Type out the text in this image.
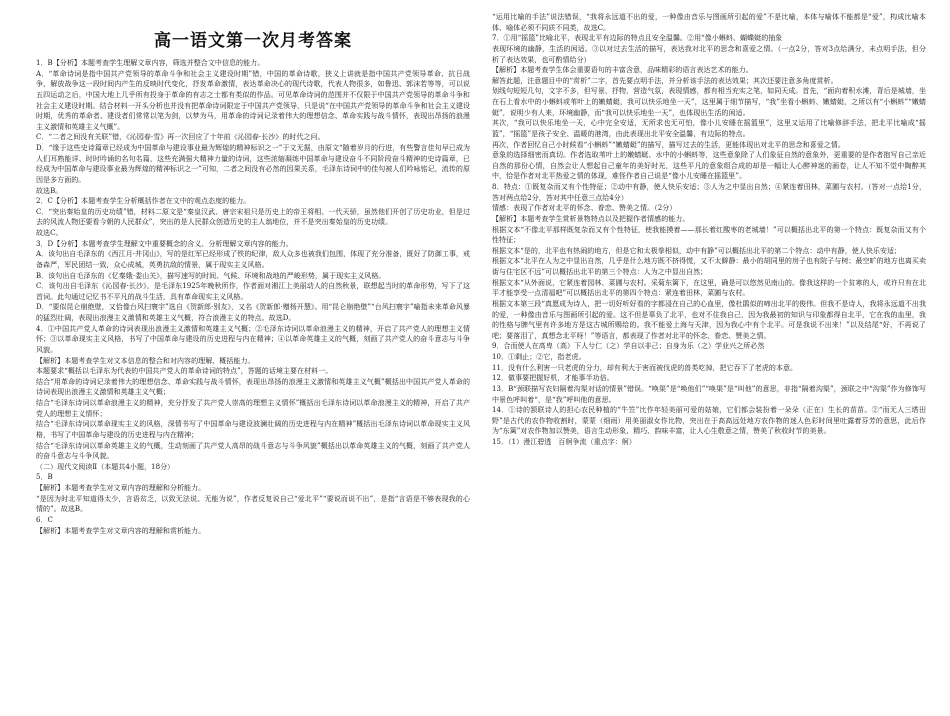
高一语文第一次月考答案

1．B【分析】本题考查学生理解文章内容，筛选并整合文中信息的能力。

A．“革命诗词是指中国共产党领导的革命斗争和社会主义建设时期”错，中国的革命诗歌，狭义上讲就是指中国共产党领导革命、抗日战争、解放战争这一段时间内产生的反映时代变化，抒发革命激情，表达革命决心的现代诗歌，代表人物很多，如鲁迅、郭沫若等等，可以说五四运动之后，中国大地上几乎所有投身于革命的有志之士都有类似的作品。可见革命诗词的范围并不仅限于中国共产党领导的革命斗争和社会主义建设时期。结合材料一开头分析也并没有把革命诗词限定于中国共产党领导，只是说“在中国共产党领导的革命斗争和社会主义建设时期，优秀的革命者、建设者们常常以笔为剑，以梦为马，用革命的诗词记录着伟大的理想信念、革命实践与战斗情怀，表现出昂扬的浪漫主义激情和英雄主义气概”。

C．“二者之间没有关联”错，《沁园春·雪》再一次回应了十年前《沁园春·长沙》的时代之问。

D．“缘于这些史诗篇章已经成为中国革命与建设事业最为辉煌的精神标识之一”于文无据，由原文“随着岁月的行进，有些警言佳句早已成为人们耳熟能详、时时吟诵的名句名篇，这些充满强大精神力量的诗词，这些浓缩凝练中国革命与建设奋斗不同阶段奋斗精神的史诗篇章，已经成为中国革命与建设事业最为辉煌的精神标识之一”可知，二者之间没有必然的因果关系，毛泽东诗词中的佳句被人们吟咏铭记，流传的原因是多方面的。

故选B。

2．C【分析】本题考查学生分析概括作者在文中的观点态度的能力。

C．“突出秦始皇的历史功绩”错，材料二原文是“秦皇汉武、唐宗宋祖只是历史上的帝王将相、一代天骄，虽然他们开创了历史功业，但是过去的风流人物还要看今朝的人民群众”，突出的是人民群众创造历史的主人翁地位，并不是突出秦始皇的历史功绩。

故选C。

3．D【分析】本题考查学生理解文中重要概念的含义、分析理解文章内容的能力。

A．该句出自毛泽东的《西江月·井冈山》，写的是红军已经形成了铁的纪律，敌人众多也被我们包围，体现了充分准备，既好了防御工事，戒备森严，军民团结一致，众心成城，英勇抗敌的情景，属于现实主义风格。

B．该句出自毛泽东的《忆秦娥·娄山关》，描写速写的时间、气候、环境和战地的严峻形势，属于现实主义风格。

C．该句出自毛泽东《沁园春·长沙》，是毛泽东1925年晚秋所作，作者面对湘江上美丽动人的自然秋景，联想起当时的革命形势，写下了这首词。此句通过记忆书不平凡的战斗生活，具有革命现实主义风格。

D．“要似昆仑崩绝壁，又恰像台风扫寰宇”选自《贺新郎·别友》，又名《贺新郎·赠杨开慧》。用“昆仑崩绝壁”“台风扫寰宇”喻指未来革命风暴的猛烈壮阔，表现出浪漫主义激情和英雄主义气概，符合浪漫主义的特点。故选D。

4．①中国共产党人革命的诗词表现出浪漫主义激情和英雄主义气概；②毛泽东诗词以革命浪漫主义的精神，开启了共产党人的理想主义情怀；③以革命现实主义风格，书写了中国革命与建设的历史进程与内在精神；④以革命英雄主义的气概，刻画了共产党人的奋斗意志与斗争风貌。

【解析】本题考查学生对文本信息的整合和对内容的理解、概括能力。

本题要求“概括以毛泽东为代表的中国共产党人的革命诗词的特点”，答题的话境主要在材料一。

结合“用革命的诗词记录着伟大的理想信念、革命实践与战斗情怀，表现出昂扬的浪漫主义激情和英雄主义气概”概括出中国共产党人革命的诗词表现出浪漫主义激情和英雄主义气概；

结合“毛泽东诗词以革命浪漫主义的精神，充分抒发了共产党人崇高的理想主义情怀”概括出毛泽东诗词以革命浪漫主义的精神，开启了共产党人的理想主义情怀；

结合“毛泽东诗词以革命现实主义的风格，深情书写了中国革命与建设波澜壮阔的历史进程与内在精神”概括出毛泽东诗词以革命现实主义风格，书写了中国革命与建设的历史进程与内在精神；

结合“毛泽东诗词以革命英雄主义的气概，生动刻画了共产党人高昂的战斗意志与斗争风貌”概括出以革命英雄主义的气概，刻画了共产党人的奋斗意志与斗争风貌。

（二）现代文阅读Ⅱ（本题共4小题，18分）

5．B

【解析】本题考查学生对文章内容的理解和分析能力。

“是因为时北平知道得太少，言语贫乏，以致无法说、无能为说”，作者反复说自己“爱北平”“要说而说不出”，是指“言语是不够表现我的心情的”。故选B。

6．C

【解析】本题考查学生对文章内容的理解和赏析能力。

“运用比喻的手法”说法错误，“我将永远道不出的爱，一种像由音乐与图画所引起的爱”不是比喻，本体与喻体不能都是“爱”，构成比喻本体、喻体必须不同质不同类，故选C。

7．①用“摇篮”比喻北平，表现北平有边际的特点且安全温馨。②用“像小蝌蚪、蝴蝶蜓的抽象

表现环境的幽静，生活的闲适。③以对过去生活的描写，表达我对北平的思念和喜爱之情。（一点2分，答对3点给满分，未点明手法，但分析了表达效果，也可酌情给分）

【解析】本题考查学生体会重要语句的丰富含意，品味精彩的语言表达艺术的能力。

解答此题，注意题目中的“赏析”二字，首先要点明手法，并分析该手法的表达效果；其次还要注意多角度赏析。

划线句短短几句，文字不多，但写景、抒物，营造气氛，表现情感，都有相当充实之笔，如同天成。首先，“面向着积水滩，背后是城墙，坐在石上看水中的小蝌蚪或苇叶上的嫩蜻蜓，我可以快乐地坐一天”，这里属于细节描写，“我”坐看小蝌蚪、嫩蜻蜓，之所以有“小蝌蚪”“嫩蜻蜓”，说明少有人来，环境幽静，而“我可以快乐地坐一天”，也体现出生活的闲适。

其次，“我可以快乐地坐一天，心中完全安适，无所求也无可怕，像小儿安睡在摇篮里”，这里又运用了比喻修辞手法，把北平比喻成“摇篮”，“摇篮”是孩子安全、温暖的港湾，由此表现出北平安全温馨，有边际的特点。

再次，作者回忆自己小时候看“小蝌蚪”“嫩蜻蜓”的描写，描写过去的生活，更能体现出对北平的思念和喜爱之情。

意象的选择细密而真切。作者选取苇叶上的嫩蜻蜓、水中的小蝌蚪等，这些意象除了人们象征自然的意象外，更重要的是作者抱写自己亲近自然的那份心情，自然会让人想起自己童年的美好时光，这些平凡的意象组合成的却是一幅让人心醉神迷的画卷，让人不知不觉中陶醉其中，恰是作者对北平热爱之情的体现，难怪作者自己说是“像小儿安睡在摇篮里”。

8．特点：①既复杂而又有个性特征；②动中有静，使人快乐安适；③人为之中显出自然；④紧连着田林，菜圃与农村。（答对一点给1分，答对两点给2分，答对其中任意三点给4分）

情感：表现了作者对北平的怀念、眷恋、赞美之情。（2分）

【解析】本题考查学生赏析景物特点以及把握作者情感的能力。

根据文本“不像北平那样既复杂而又有个性特征，使我能摸着——那长着红酸枣的老城墙！”可以概括出北平的第一个特点：既复杂而又有个性特征；

根据文本“是的，北平也有热闹的地方，但是它和太极拳相似，动中有静”可以概括出北平的第二个特点：动中有静，使人快乐安适；

根据文本“北平在人为之中显出自然，几乎是什么地方既不挤得慌，又不太僻静：最小的胡同里的房子也有院子与树；最空旷的地方也离买卖街与住宅区不远”可以概括出北平的第三个特点：人为之中显出自然；

根据文本“从外面说，它紧连着园林、菜圃与农村。采菊东篱下，在这里，确是可以悠然见南山的。像我这样的一个贫寒的人，或许只有在北平才能享受一点清福吧”可以概括出北平的第四个特点：紧连着田林，菜圃与农村。

根据文本第三段“真愿成为诗人，把一切好听好看的字都浸在自己的心血里，像杜鹃似的啼出北平的俊伟。但我不是诗人，我将永远道不出我的爱，一种像由音乐与图画所引起的爱。这不但是辜负了北平，也对不住我自己，因为我最初的知识与印象都得自北平，它在我的血里，我的性格与脾气里有许多地方是这古城所赐给的。我不能爱上海与天津，因为我心中有个北平。可是我说不出来！”以及结尾“好，不再说了吧；要落泪了，真想念北平呀！”等语言，都表现了作者对北平的怀念、眷恋、赞美之情。

9．合而使人在高卑（高）下人兮仁（之）学自以非己；自身为乐（之）学业兴之所必然

10．①剩止；②它，指老虎。

11．没有什么利害一只老虎的分力，却有利大于害而被伐虎的兽类吃掉，把它吞下了老虎的本意。

12．做事要把握好机，才能事半功倍。

13．B“颈联描写农妇隔着沟渠对话的情景”错误。“唤渠”是“唤他们”“唤渠”是“叫他”的意思，非指“隔着沟渠”，颈联之中“沟渠”作为修饰写中景色呼叫着“，是“我”呼叫他的意思。

14．①诗的颔联诗人的担心农民种植的“牛笠”比作年轻美丽可爱的姑娘，它们都会装扮着一朵朵（正在）生长的苗苗。②“而无人三塔田野”是古代的农作物收割时，蒙蒙（细雨）用美丽淑女作比物，突出在于高高远处地方农作物的迷人色彩时间里吐露着芬芳的意思，此后作为“东篱”对农作物加以赞美，语言生动形象，精巧、韵味丰富，让人心生敬意之情，赞美了秋收时节的美景。

15．（1）漫江碧透　百舸争流（重点字：舸）
